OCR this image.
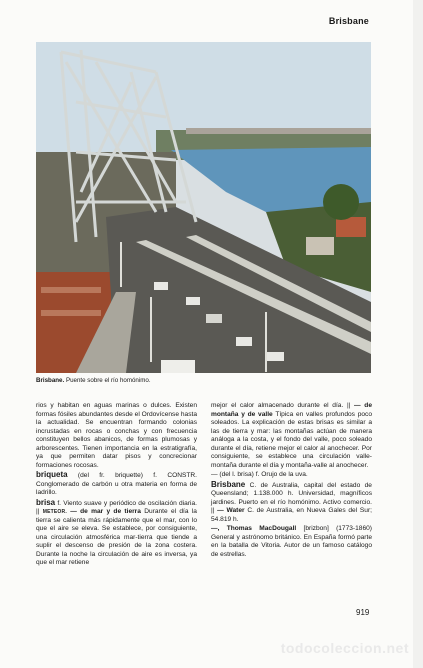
Brisbane
Brisbane. Puente sobre el río homónimo.
rios y habitan en aguas marinas o dulces. Existen formas fósiles abundantes desde el Ordovícense hasta la actualidad. Se encuentran formando colonias incrustadas en rocas o conchas y con frecuencia constituyen bellos abanicos, de formas plumosas y arborescentes. Tienen importancia en la estratigrafía, ya que permiten datar pisos y concrecionar formaciones rocosas.
briqueta (del fr. briquette) f. CONSTR. Conglomerado de carbón u otra materia en forma de ladrillo.
brisa f. Viento suave y periódico de oscilación diaria. || METEOR. — de mar y de tierra Durante el día la tierra se calienta más rápidamente que el mar, con lo que el aire se eleva. Se establece, por consiguiente, una circulación atmosférica mar-tierra que tiende a suplir el descenso de presión de la zona costera. Durante la noche la circulación de aire es inversa, ya que el mar retiene
mejor el calor almacenado durante el día. || — de montaña y de valle Típica en valles profundos poco soleados. La explicación de estas brisas es similar a las de tierra y mar: las montañas actúan de manera análoga a la costa, y el fondo del valle, poco soleado durante el día, retiene mejor el calor al anochecer. Por consiguiente, se establece una circulación valle-montaña durante el día y montaña-valle al anochecer.
— (del l. brisa) f. Orujo de la uva.
Brisbane C. de Australia, capital del estado de Queensland; 1.138.000 h. Universidad, magníficos jardines. Puerto en el río homónimo. Activo comercio. || — Water C. de Australia, en Nueva Gales del Sur; 54.819 h.
—, Thomas MacDougall [brizbon] (1773-1860) General y astrónomo británico. En España formó parte en la batalla de Vitoria. Autor de un famoso catálogo de estrellas.
919
todocoleccion.net
